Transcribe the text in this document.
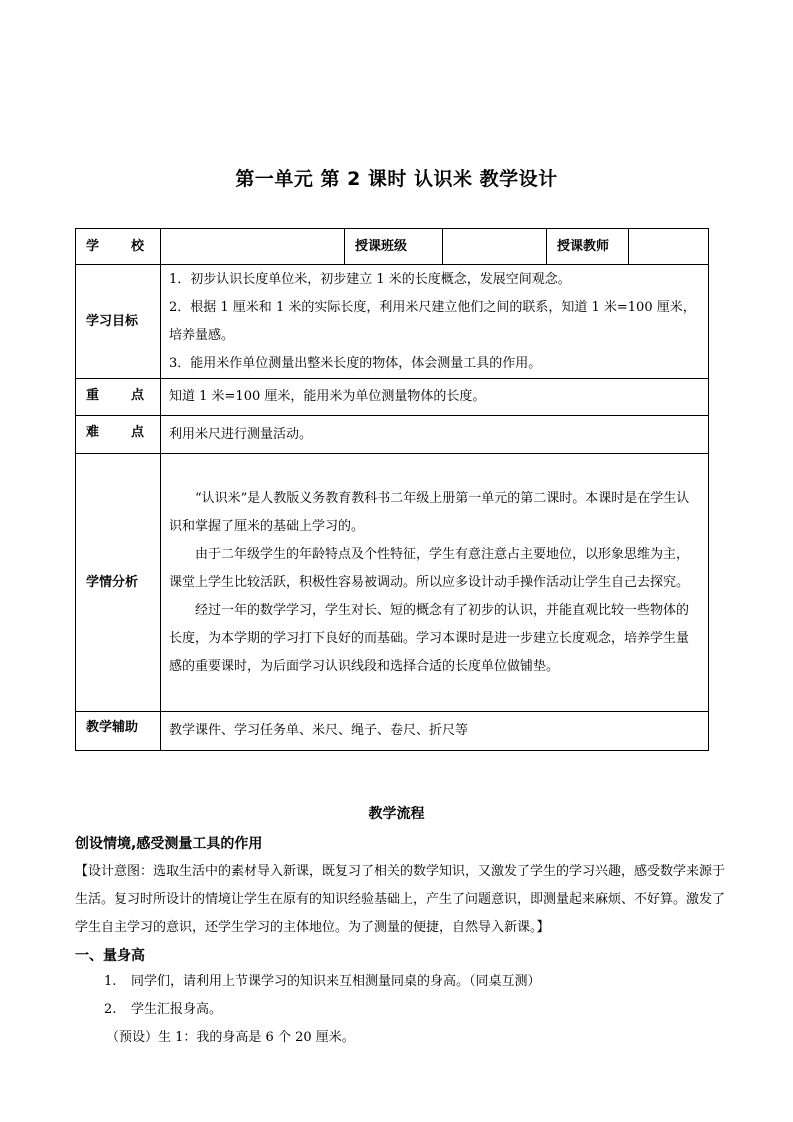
第一单元 第 2 课时 认识米 教学设计
学 校		授课班级		授课教师	
学习目标	1．初步认识长度单位米，初步建立 1 米的长度概念，发展空间观念。

2．根据 1 厘米和 1 米的实际长度，利用米尺建立他们之间的联系，知道 1 米=100 厘米，培养量感。

3．能用米作单位测量出整米长度的物体，体会测量工具的作用。				

重 点	知道 1 米=100 厘米，能用米为单位测量物体的长度。				

难 点	利用米尺进行测量活动。				
学情分析	“认识米”是人教版义务教育教科书二年级上册第一单元的第二课时。本课时是在学生认识和掌握了厘米的基础上学习的。

由于二年级学生的年龄特点及个性特征，学生有意注意占主要地位，以形象思维为主，课堂上学生比较活跃，积极性容易被调动。所以应多设计动手操作活动让学生自己去探究。

经过一年的数学学习，学生对长、短的概念有了初步的认识，并能直观比较一些物体的长度，为本学期的学习打下良好的而基础。学习本课时是进一步建立长度观念，培养学生量感的重要课时，为后面学习认识线段和选择合适的长度单位做铺垫。				

教学辅助	教学课件、学习任务单、米尺、绳子、卷尺、折尺等				
教学流程
创设情境,感受测量工具的作用
【设计意图：选取生活中的素材导入新课，既复习了相关的数学知识，又激发了学生的学习兴趣，感受数学来源于生活。复习时所设计的情境让学生在原有的知识经验基础上，产生了问题意识，即测量起来麻烦、不好算。激发了学生自主学习的意识，还学生学习的主体地位。为了测量的便捷，自然导入新课。】
一、量身高
1. 同学们，请利用上节课学习的知识来互相测量同桌的身高。（同桌互测）
2. 学生汇报身高。
（预设）生 1：我的身高是 6 个 20 厘米。
